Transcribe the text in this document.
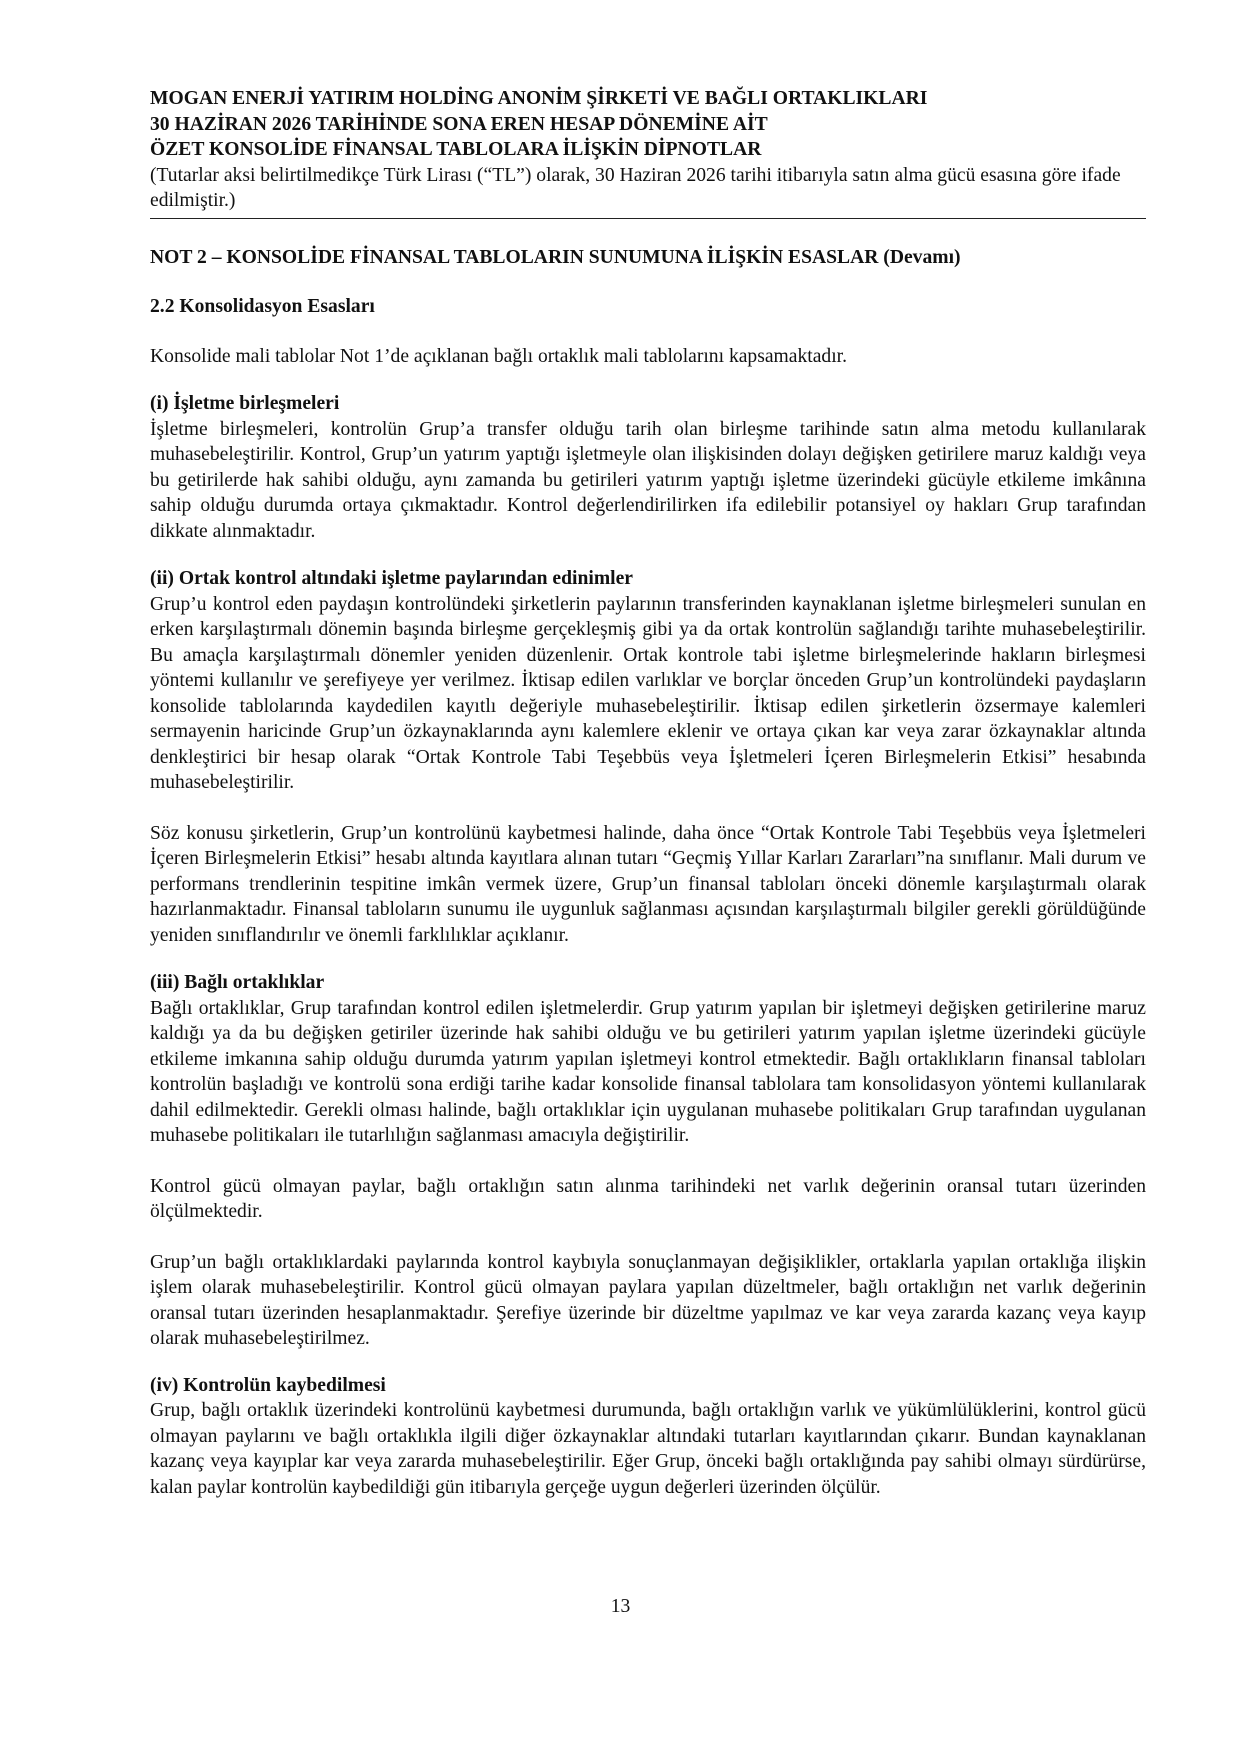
MOGAN ENERJİ YATIRIM HOLDİNG ANONİM ŞİRKETİ VE BAĞLI ORTAKLIKLARI

30 HAZİRAN 2026 TARİHİNDE SONA EREN HESAP DÖNEMİNE AİT

ÖZET KONSOLİDE FİNANSAL TABLOLARA İLİŞKİN DİPNOTLAR

(Tutarlar aksi belirtilmedikçe Türk Lirası (“TL”) olarak, 30 Haziran 2026 tarihi itibarıyla satın alma gücü esasına göre ifade edilmiştir.)

NOT 2 – KONSOLİDE FİNANSAL TABLOLARIN SUNUMUNA İLİŞKİN ESASLAR (Devamı)
2.2 Konsolidasyon Esasları

Konsolide mali tablolar Not 1’de açıklanan bağlı ortaklık mali tablolarını kapsamaktadır.

(i) İşletme birleşmeleri

İşletme birleşmeleri, kontrolün Grup’a transfer olduğu tarih olan birleşme tarihinde satın alma metodu kullanılarak muhasebeleştirilir. Kontrol, Grup’un yatırım yaptığı işletmeyle olan ilişkisinden dolayı değişken getirilere maruz kaldığı veya bu getirilerde hak sahibi olduğu, aynı zamanda bu getirileri yatırım yaptığı işletme üzerindeki gücüyle etkileme imkânına sahip olduğu durumda ortaya çıkmaktadır. Kontrol değerlendirilirken ifa edilebilir potansiyel oy hakları Grup tarafından dikkate alınmaktadır.

(ii) Ortak kontrol altındaki işletme paylarından edinimler

Grup’u kontrol eden paydaşın kontrolündeki şirketlerin paylarının transferinden kaynaklanan işletme birleşmeleri sunulan en erken karşılaştırmalı dönemin başında birleşme gerçekleşmiş gibi ya da ortak kontrolün sağlandığı tarihte muhasebeleştirilir. Bu amaçla karşılaştırmalı dönemler yeniden düzenlenir. Ortak kontrole tabi işletme birleşmelerinde hakların birleşmesi yöntemi kullanılır ve şerefiyeye yer verilmez. İktisap edilen varlıklar ve borçlar önceden Grup’un kontrolündeki paydaşların konsolide tablolarında kaydedilen kayıtlı değeriyle muhasebeleştirilir. İktisap edilen şirketlerin özsermaye kalemleri sermayenin haricinde Grup’un özkaynaklarında aynı kalemlere eklenir ve ortaya çıkan kar veya zarar özkaynaklar altında denkleştirici bir hesap olarak “Ortak Kontrole Tabi Teşebbüs veya İşletmeleri İçeren Birleşmelerin Etkisi” hesabında muhasebeleştirilir.

Söz konusu şirketlerin, Grup’un kontrolünü kaybetmesi halinde, daha önce “Ortak Kontrole Tabi Teşebbüs veya İşletmeleri İçeren Birleşmelerin Etkisi” hesabı altında kayıtlara alınan tutarı “Geçmiş Yıllar Karları Zararları”na sınıflanır. Mali durum ve performans trendlerinin tespitine imkân vermek üzere, Grup’un finansal tabloları önceki dönemle karşılaştırmalı olarak hazırlanmaktadır. Finansal tabloların sunumu ile uygunluk sağlanması açısından karşılaştırmalı bilgiler gerekli görüldüğünde yeniden sınıflandırılır ve önemli farklılıklar açıklanır.

(iii) Bağlı ortaklıklar

Bağlı ortaklıklar, Grup tarafından kontrol edilen işletmelerdir. Grup yatırım yapılan bir işletmeyi değişken getirilerine maruz kaldığı ya da bu değişken getiriler üzerinde hak sahibi olduğu ve bu getirileri yatırım yapılan işletme üzerindeki gücüyle etkileme imkanına sahip olduğu durumda yatırım yapılan işletmeyi kontrol etmektedir. Bağlı ortaklıkların finansal tabloları kontrolün başladığı ve kontrolü sona erdiği tarihe kadar konsolide finansal tablolara tam konsolidasyon yöntemi kullanılarak dahil edilmektedir. Gerekli olması halinde, bağlı ortaklıklar için uygulanan muhasebe politikaları Grup tarafından uygulanan muhasebe politikaları ile tutarlılığın sağlanması amacıyla değiştirilir.

Kontrol gücü olmayan paylar, bağlı ortaklığın satın alınma tarihindeki net varlık değerinin oransal tutarı üzerinden ölçülmektedir.

Grup’un bağlı ortaklıklardaki paylarında kontrol kaybıyla sonuçlanmayan değişiklikler, ortaklarla yapılan ortaklığa ilişkin işlem olarak muhasebeleştirilir. Kontrol gücü olmayan paylara yapılan düzeltmeler, bağlı ortaklığın net varlık değerinin oransal tutarı üzerinden hesaplanmaktadır. Şerefiye üzerinde bir düzeltme yapılmaz ve kar veya zararda kazanç veya kayıp olarak muhasebeleştirilmez.

(iv) Kontrolün kaybedilmesi

Grup, bağlı ortaklık üzerindeki kontrolünü kaybetmesi durumunda, bağlı ortaklığın varlık ve yükümlülüklerini, kontrol gücü olmayan paylarını ve bağlı ortaklıkla ilgili diğer özkaynaklar altındaki tutarları kayıtlarından çıkarır. Bundan kaynaklanan kazanç veya kayıplar kar veya zararda muhasebeleştirilir. Eğer Grup, önceki bağlı ortaklığında pay sahibi olmayı sürdürürse, kalan paylar kontrolün kaybedildiği gün itibarıyla gerçeğe uygun değerleri üzerinden ölçülür.

13
